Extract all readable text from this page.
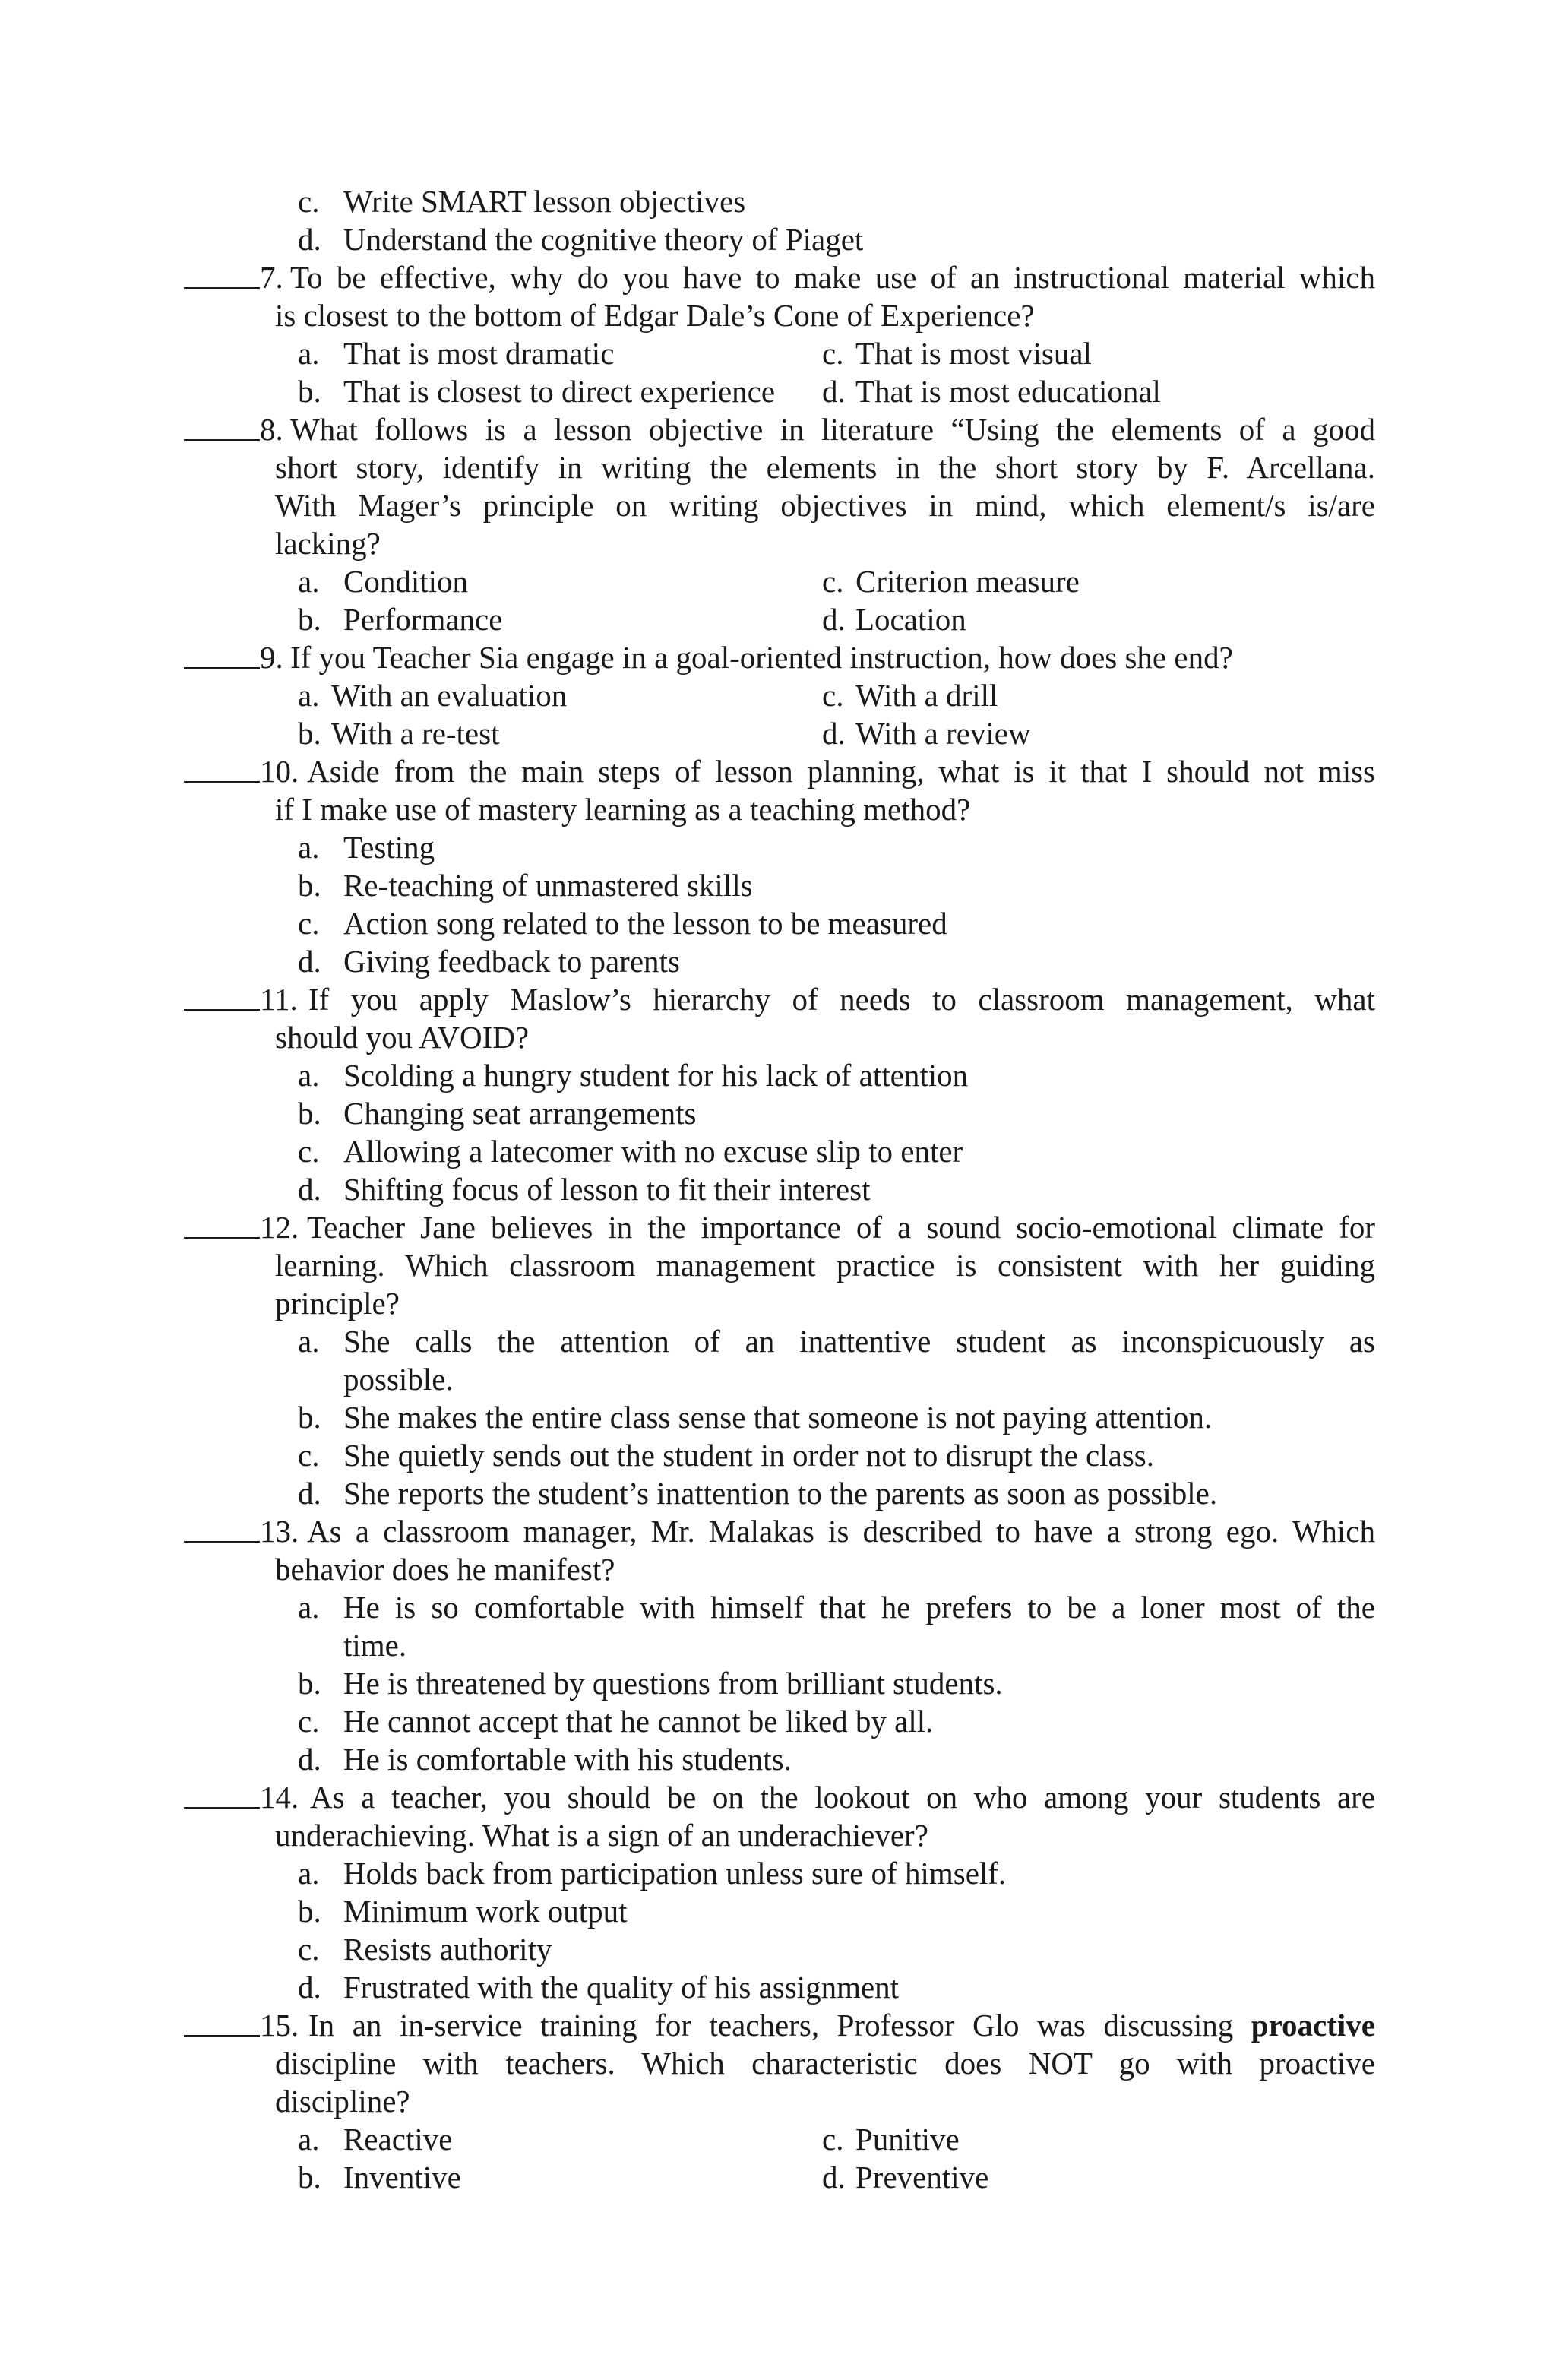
c. Write SMART lesson objectives
d. Understand the cognitive theory of Piaget
7. To be effective, why do you have to make use of an instructional material which
is closest to the bottom of Edgar Dale’s Cone of Experience?
a. That is most dramatic	c. That is most visual
b. That is closest to direct experience d. That is most educational
8. What follows is a lesson objective in literature “Using the elements of a good
short story, identify in writing the elements in the short story by F. Arcellana.
With Mager’s principle on writing objectives in mind, which element/s is/are
lacking?
a. Condition	c. Criterion measure
b. Performance	d. Location
9. If you Teacher Sia engage in a goal-oriented instruction, how does she end?
a. With an evaluation	c. With a drill
b. With a re-test	d. With a review
10. Aside from the main steps of lesson planning, what is it that I should not miss
if I make use of mastery learning as a teaching method?
a. Testing
b. Re-teaching of unmastered skills
c. Action song related to the lesson to be measured
d. Giving feedback to parents
11. If you apply Maslow’s hierarchy of needs to classroom management, what
should you AVOID?
a. Scolding a hungry student for his lack of attention
b. Changing seat arrangements
c. Allowing a latecomer with no excuse slip to enter
d. Shifting focus of lesson to fit their interest
12. Teacher Jane believes in the importance of a sound socio-emotional climate for
learning. Which classroom management practice is consistent with her guiding
principle?
a. She calls the attention of an inattentive student as inconspicuously as
possible.
b. She makes the entire class sense that someone is not paying attention.
c. She quietly sends out the student in order not to disrupt the class.
d. She reports the student’s inattention to the parents as soon as possible.
13. As a classroom manager, Mr. Malakas is described to have a strong ego. Which
behavior does he manifest?
a. He is so comfortable with himself that he prefers to be a loner most of the
time.
b. He is threatened by questions from brilliant students.
c. He cannot accept that he cannot be liked by all.
d. He is comfortable with his students.
14. As a teacher, you should be on the lookout on who among your students are
underachieving. What is a sign of an underachiever?
a. Holds back from participation unless sure of himself.
b. Minimum work output
c. Resists authority
d. Frustrated with the quality of his assignment
15. In an in-service training for teachers, Professor Glo was discussing proactive
discipline with teachers. Which characteristic does NOT go with proactive
discipline?
a. Reactive	c. Punitive
b. Inventive	d. Preventive
